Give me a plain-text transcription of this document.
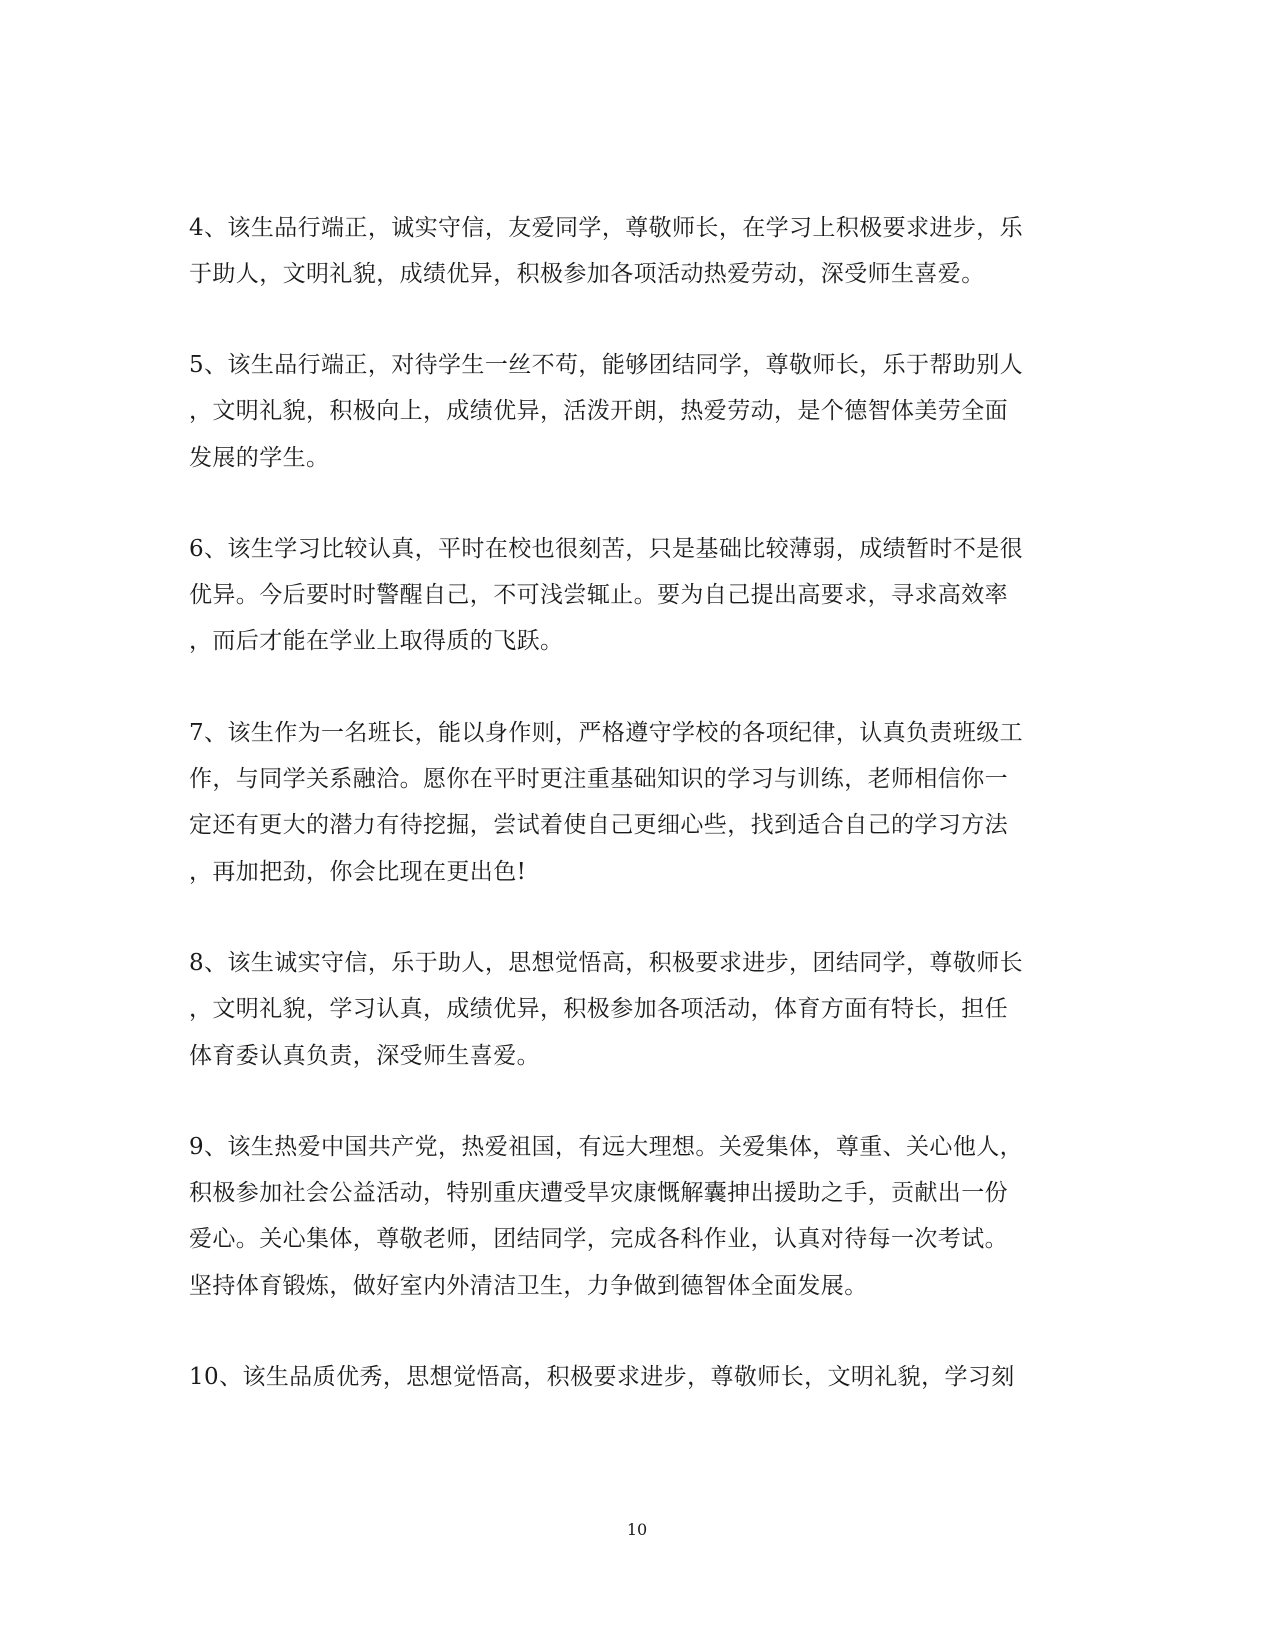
4、该生品行端正，诚实守信，友爱同学，尊敬师长，在学习上积极要求进步，乐
于助人，文明礼貌，成绩优异，积极参加各项活动热爱劳动，深受师生喜爱。
5、该生品行端正，对待学生一丝不苟，能够团结同学，尊敬师长，乐于帮助别人
，文明礼貌，积极向上，成绩优异，活泼开朗，热爱劳动，是个德智体美劳全面
发展的学生。
6、该生学习比较认真，平时在校也很刻苦，只是基础比较薄弱，成绩暂时不是很
优异。今后要时时警醒自己，不可浅尝辄止。要为自己提出高要求，寻求高效率
，而后才能在学业上取得质的飞跃。
7、该生作为一名班长，能以身作则，严格遵守学校的各项纪律，认真负责班级工
作，与同学关系融洽。愿你在平时更注重基础知识的学习与训练，老师相信你一
定还有更大的潜力有待挖掘，尝试着使自己更细心些，找到适合自己的学习方法
，再加把劲，你会比现在更出色!
8、该生诚实守信，乐于助人，思想觉悟高，积极要求进步，团结同学，尊敬师长
，文明礼貌，学习认真，成绩优异，积极参加各项活动，体育方面有特长，担任
体育委认真负责，深受师生喜爱。
9、该生热爱中国共产党，热爱祖国，有远大理想。关爱集体，尊重、关心他人，
积极参加社会公益活动，特别重庆遭受旱灾康慨解囊抻出援助之手，贡献出一份
爱心。关心集体，尊敬老师，团结同学，完成各科作业，认真对待每一次考试。
坚持体育锻炼，做好室内外清洁卫生，力争做到德智体全面发展。
10、该生品质优秀，思想觉悟高，积极要求进步，尊敬师长，文明礼貌，学习刻
10
